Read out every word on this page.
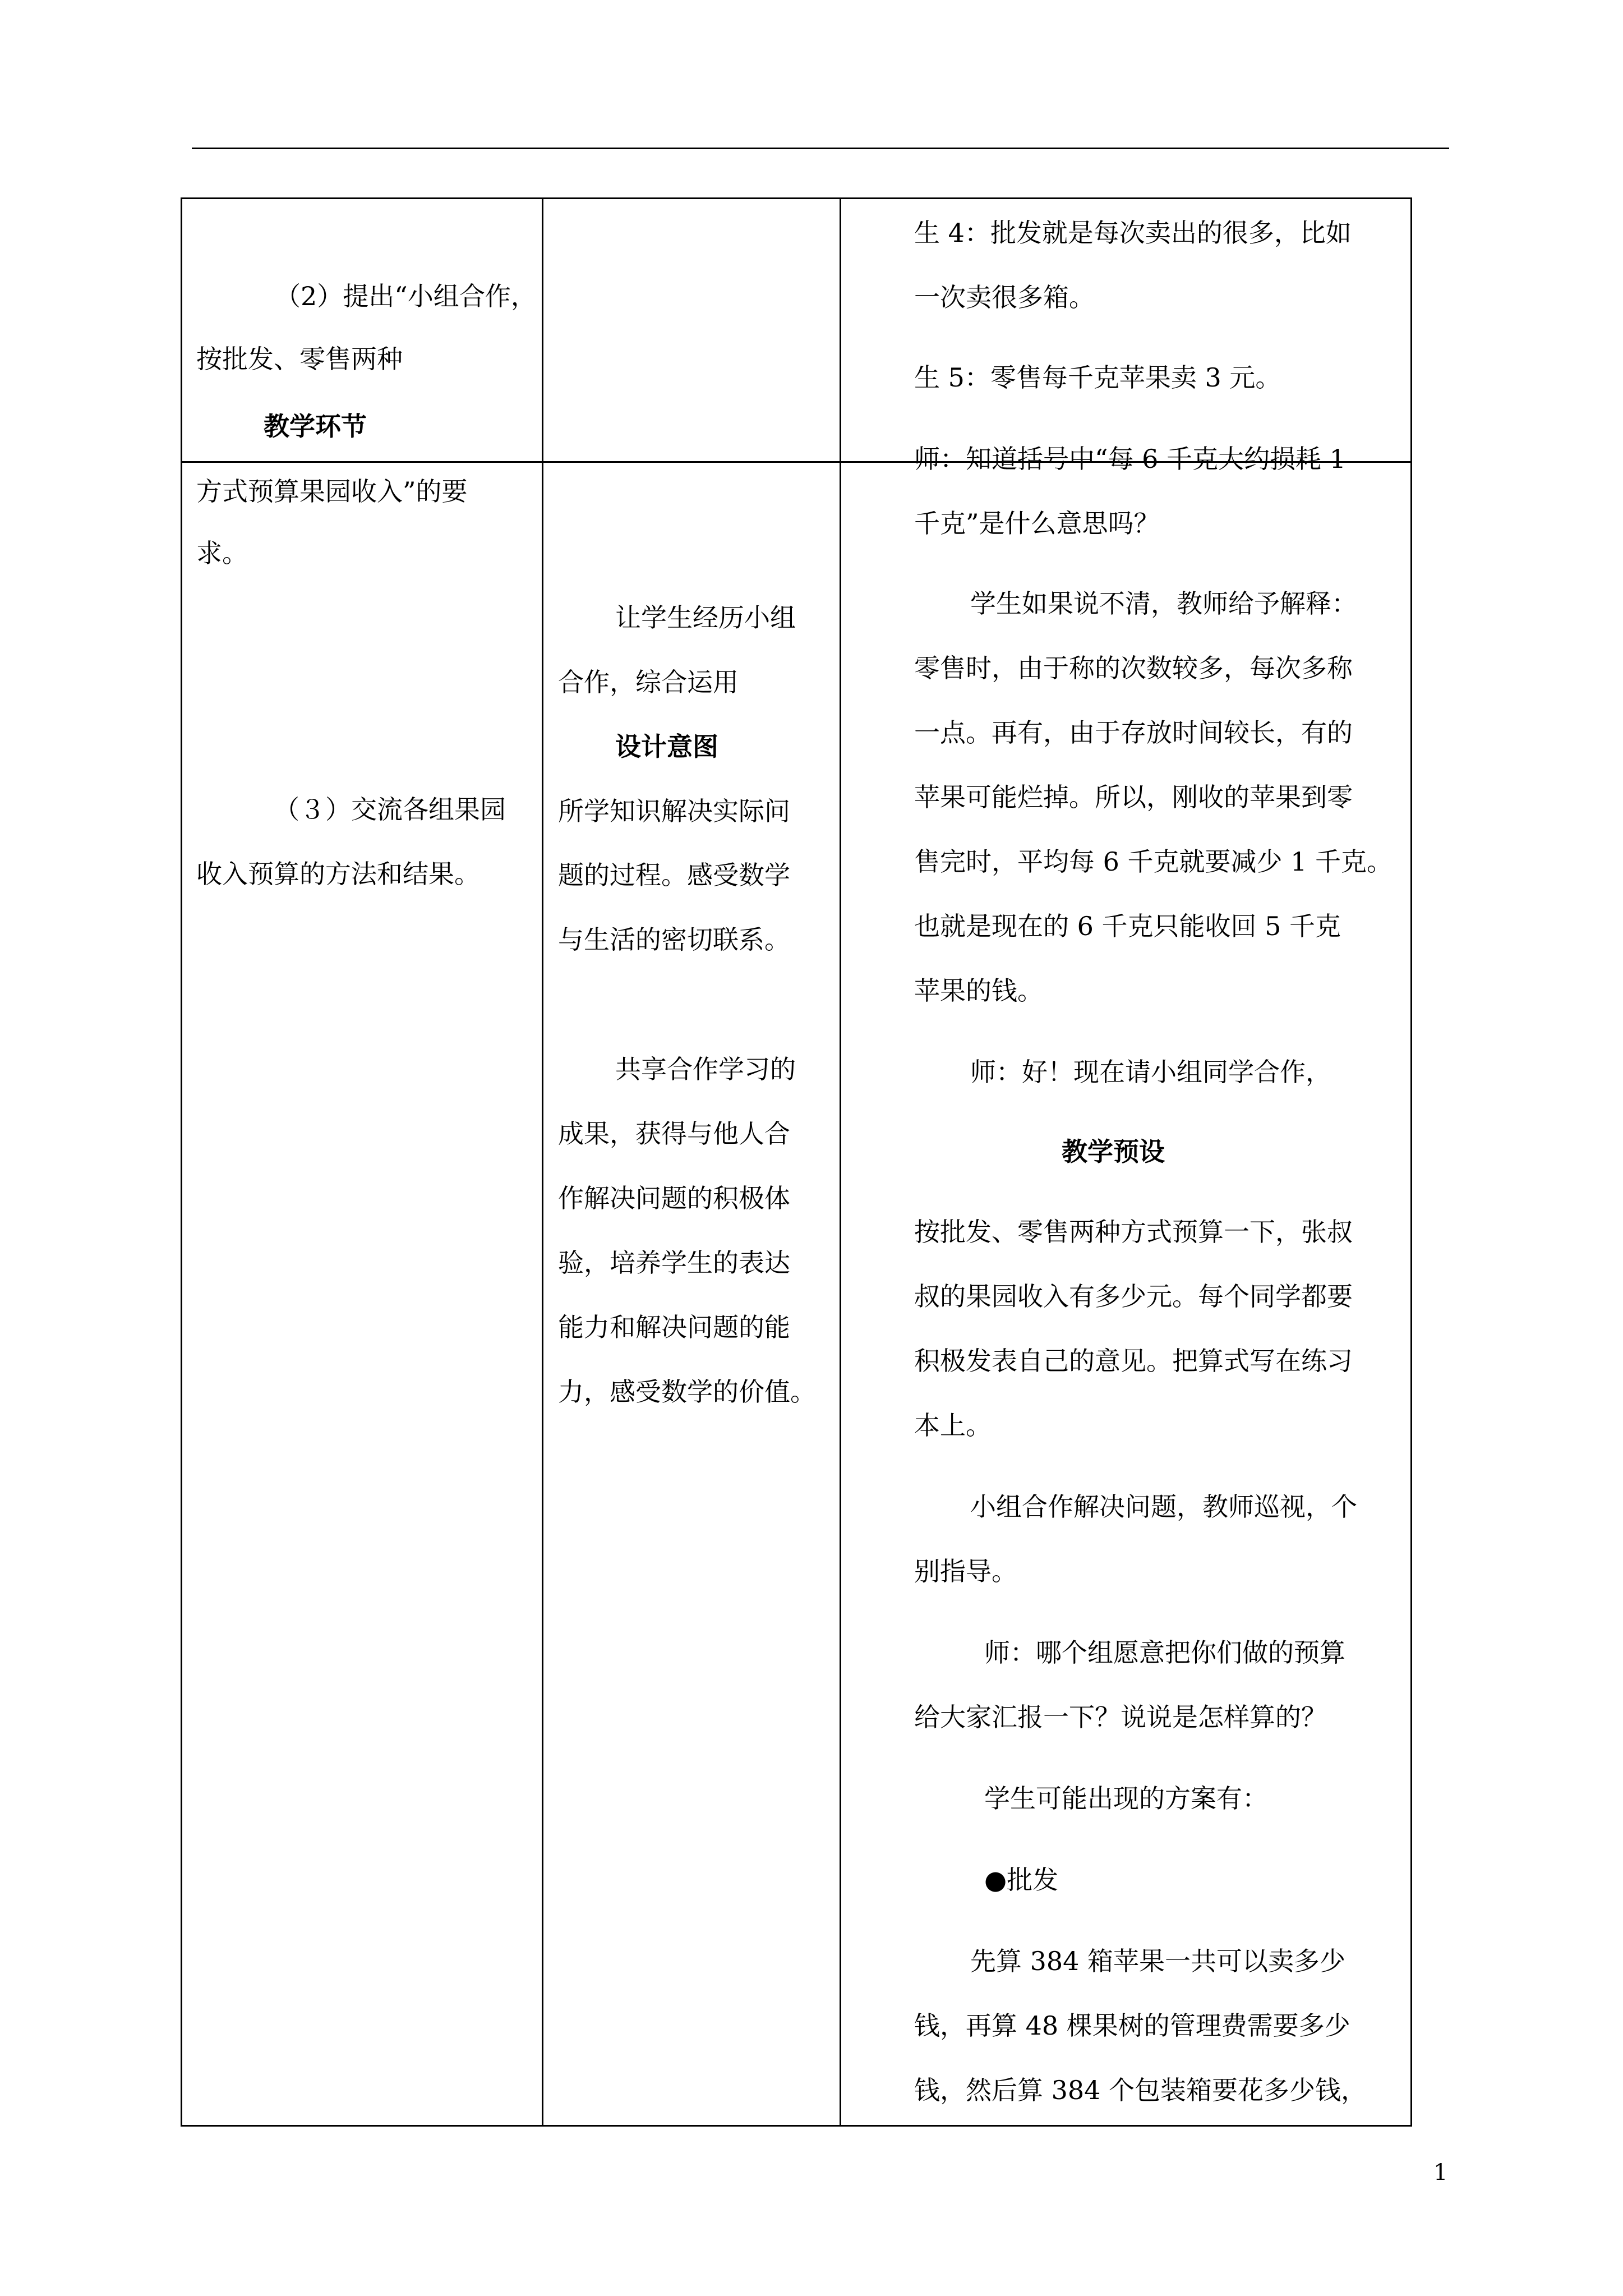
（2）提出“小组合作，
按批发、零售两种
教学环节
方式预算果园收入”的要
求。
（３）交流各组果园
收入预算的方法和结果。
让学生经历小组
合作，综合运用
设计意图
所学知识解决实际问
题的过程。感受数学
与生活的密切联系。
共享合作学习的
成果，获得与他人合
作解决问题的积极体
验，培养学生的表达
能力和解决问题的能
力，感受数学的价值。
生 4：批发就是每次卖出的很多，比如
一次卖很多箱。
生 5：零售每千克苹果卖 3 元。
师：知道括号中“每 6 千克大约损耗 1
千克”是什么意思吗？
学生如果说不清，教师给予解释：
零售时，由于称的次数较多，每次多称
一点。再有，由于存放时间较长，有的
苹果可能烂掉。所以，刚收的苹果到零
售完时，平均每 6 千克就要减少 1 千克。
也就是现在的 6 千克只能收回 5 千克
苹果的钱。
师：好！现在请小组同学合作，
教学预设
按批发、零售两种方式预算一下，张叔
叔的果园收入有多少元。每个同学都要
积极发表自己的意见。把算式写在练习
本上。
小组合作解决问题，教师巡视，个
别指导。
师：哪个组愿意把你们做的预算
给大家汇报一下？说说是怎样算的？
学生可能出现的方案有：
●批发
先算 384 箱苹果一共可以卖多少
钱，再算 48 棵果树的管理费需要多少
钱，然后算 384 个包装箱要花多少钱，
1
